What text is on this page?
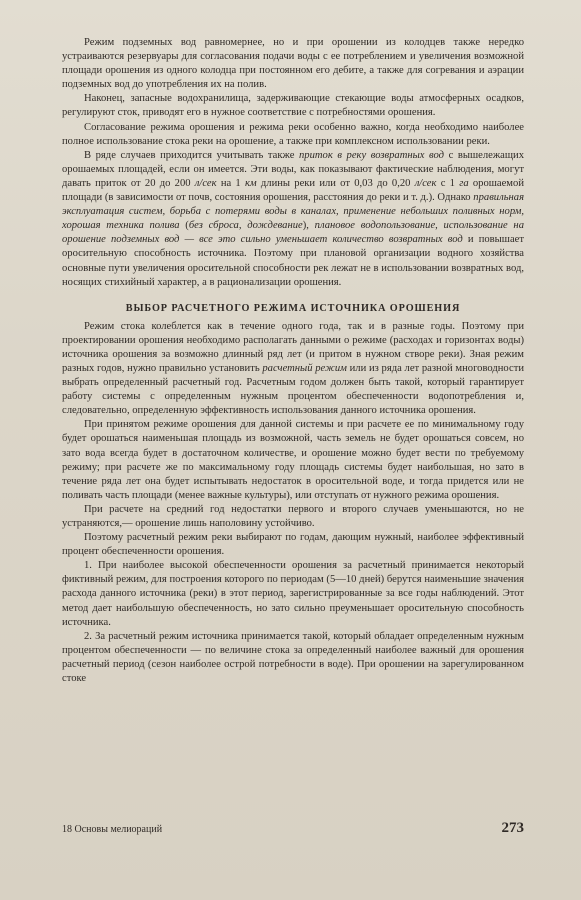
Режим подземных вод равномернее, но и при орошении из колодцев также нередко устраиваются резервуары для согласования подачи воды с ее потреблением и увеличения возможной площади орошения из одного колодца при постоянном его дебите, а также для согревания и аэрации подземных вод до употребления их на полив.

Наконец, запасные водохранилища, задерживающие стекающие воды атмосферных осадков, регулируют сток, приводят его в нужное соответствие с потребностями орошения.

Согласование режима орошения и режима реки особенно важно, когда необходимо наиболее полное использование стока реки на орошение, а также при комплексном использовании реки.

В ряде случаев приходится учитывать также приток в реку возвратных вод с вышележащих орошаемых площадей, если он имеется. Эти воды, как показывают фактические наблюдения, могут давать приток от 20 до 200 л/сек на 1 км длины реки или от 0,03 до 0,20 л/сек с 1 га орошаемой площади (в зависимости от почв, состояния орошения, расстояния до реки и т. д.). Однако правильная эксплуатация систем, борьба с потерями воды в каналах, применение небольших поливных норм, хорошая техника полива (без сброса, дождевание), плановое водопользование, использование на орошение подземных вод — все это сильно уменьшает количество возвратных вод и повышает оросительную способность источника. Поэтому при плановой организации водного хозяйства основные пути увеличения оросительной способности рек лежат не в использовании возвратных вод, носящих стихийный характер, а в рационализации орошения.

ВЫБОР РАСЧЕТНОГО РЕЖИМА ИСТОЧНИКА ОРОШЕНИЯ

Режим стока колеблется как в течение одного года, так и в разные годы. Поэтому при проектировании орошения необходимо располагать данными о режиме (расходах и горизонтах воды) источника орошения за возможно длинный ряд лет (и притом в нужном створе реки). Зная режим разных годов, нужно правильно установить расчетный режим или из ряда лет разной многоводности выбрать определенный расчетный год. Расчетным годом должен быть такой, который гарантирует работу системы с определенным нужным процентом обеспеченности водопотребления и, следовательно, определенную эффективность использования данного источника орошения.

При принятом режиме орошения для данной системы и при расчете ее по минимальному году будет орошаться наименьшая площадь из возможной, часть земель не будет орошаться совсем, но зато вода всегда будет в достаточном количестве, и орошение можно будет вести по требуемому режиму; при расчете же по максимальному году площадь системы будет наибольшая, но зато в течение ряда лет она будет испытывать недостаток в оросительной воде, и тогда придется или не поливать часть площади (менее важные культуры), или отступать от нужного режима орошения.

При расчете на средний год недостатки первого и второго случаев уменьшаются, но не устраняются,— орошение лишь наполовину устойчиво.

Поэтому расчетный режим реки выбирают по годам, дающим нужный, наиболее эффективный процент обеспеченности орошения.

1. При наиболее высокой обеспеченности орошения за расчетный принимается некоторый фиктивный режим, для построения которого по периодам (5—10 дней) берутся наименьшие значения расхода данного источника (реки) в этот период, зарегистрированные за все годы наблюдений. Этот метод дает наибольшую обеспеченность, но зато сильно преуменьшает оросительную способность источника.

2. За расчетный режим источника принимается такой, который обладает определенным нужным процентом обеспеченности — по величине стока за определенный наиболее важный для орошения расчетный период (сезон наиболее острой потребности в воде). При орошении на зарегулированном стоке

18 Основы мелиораций	273
